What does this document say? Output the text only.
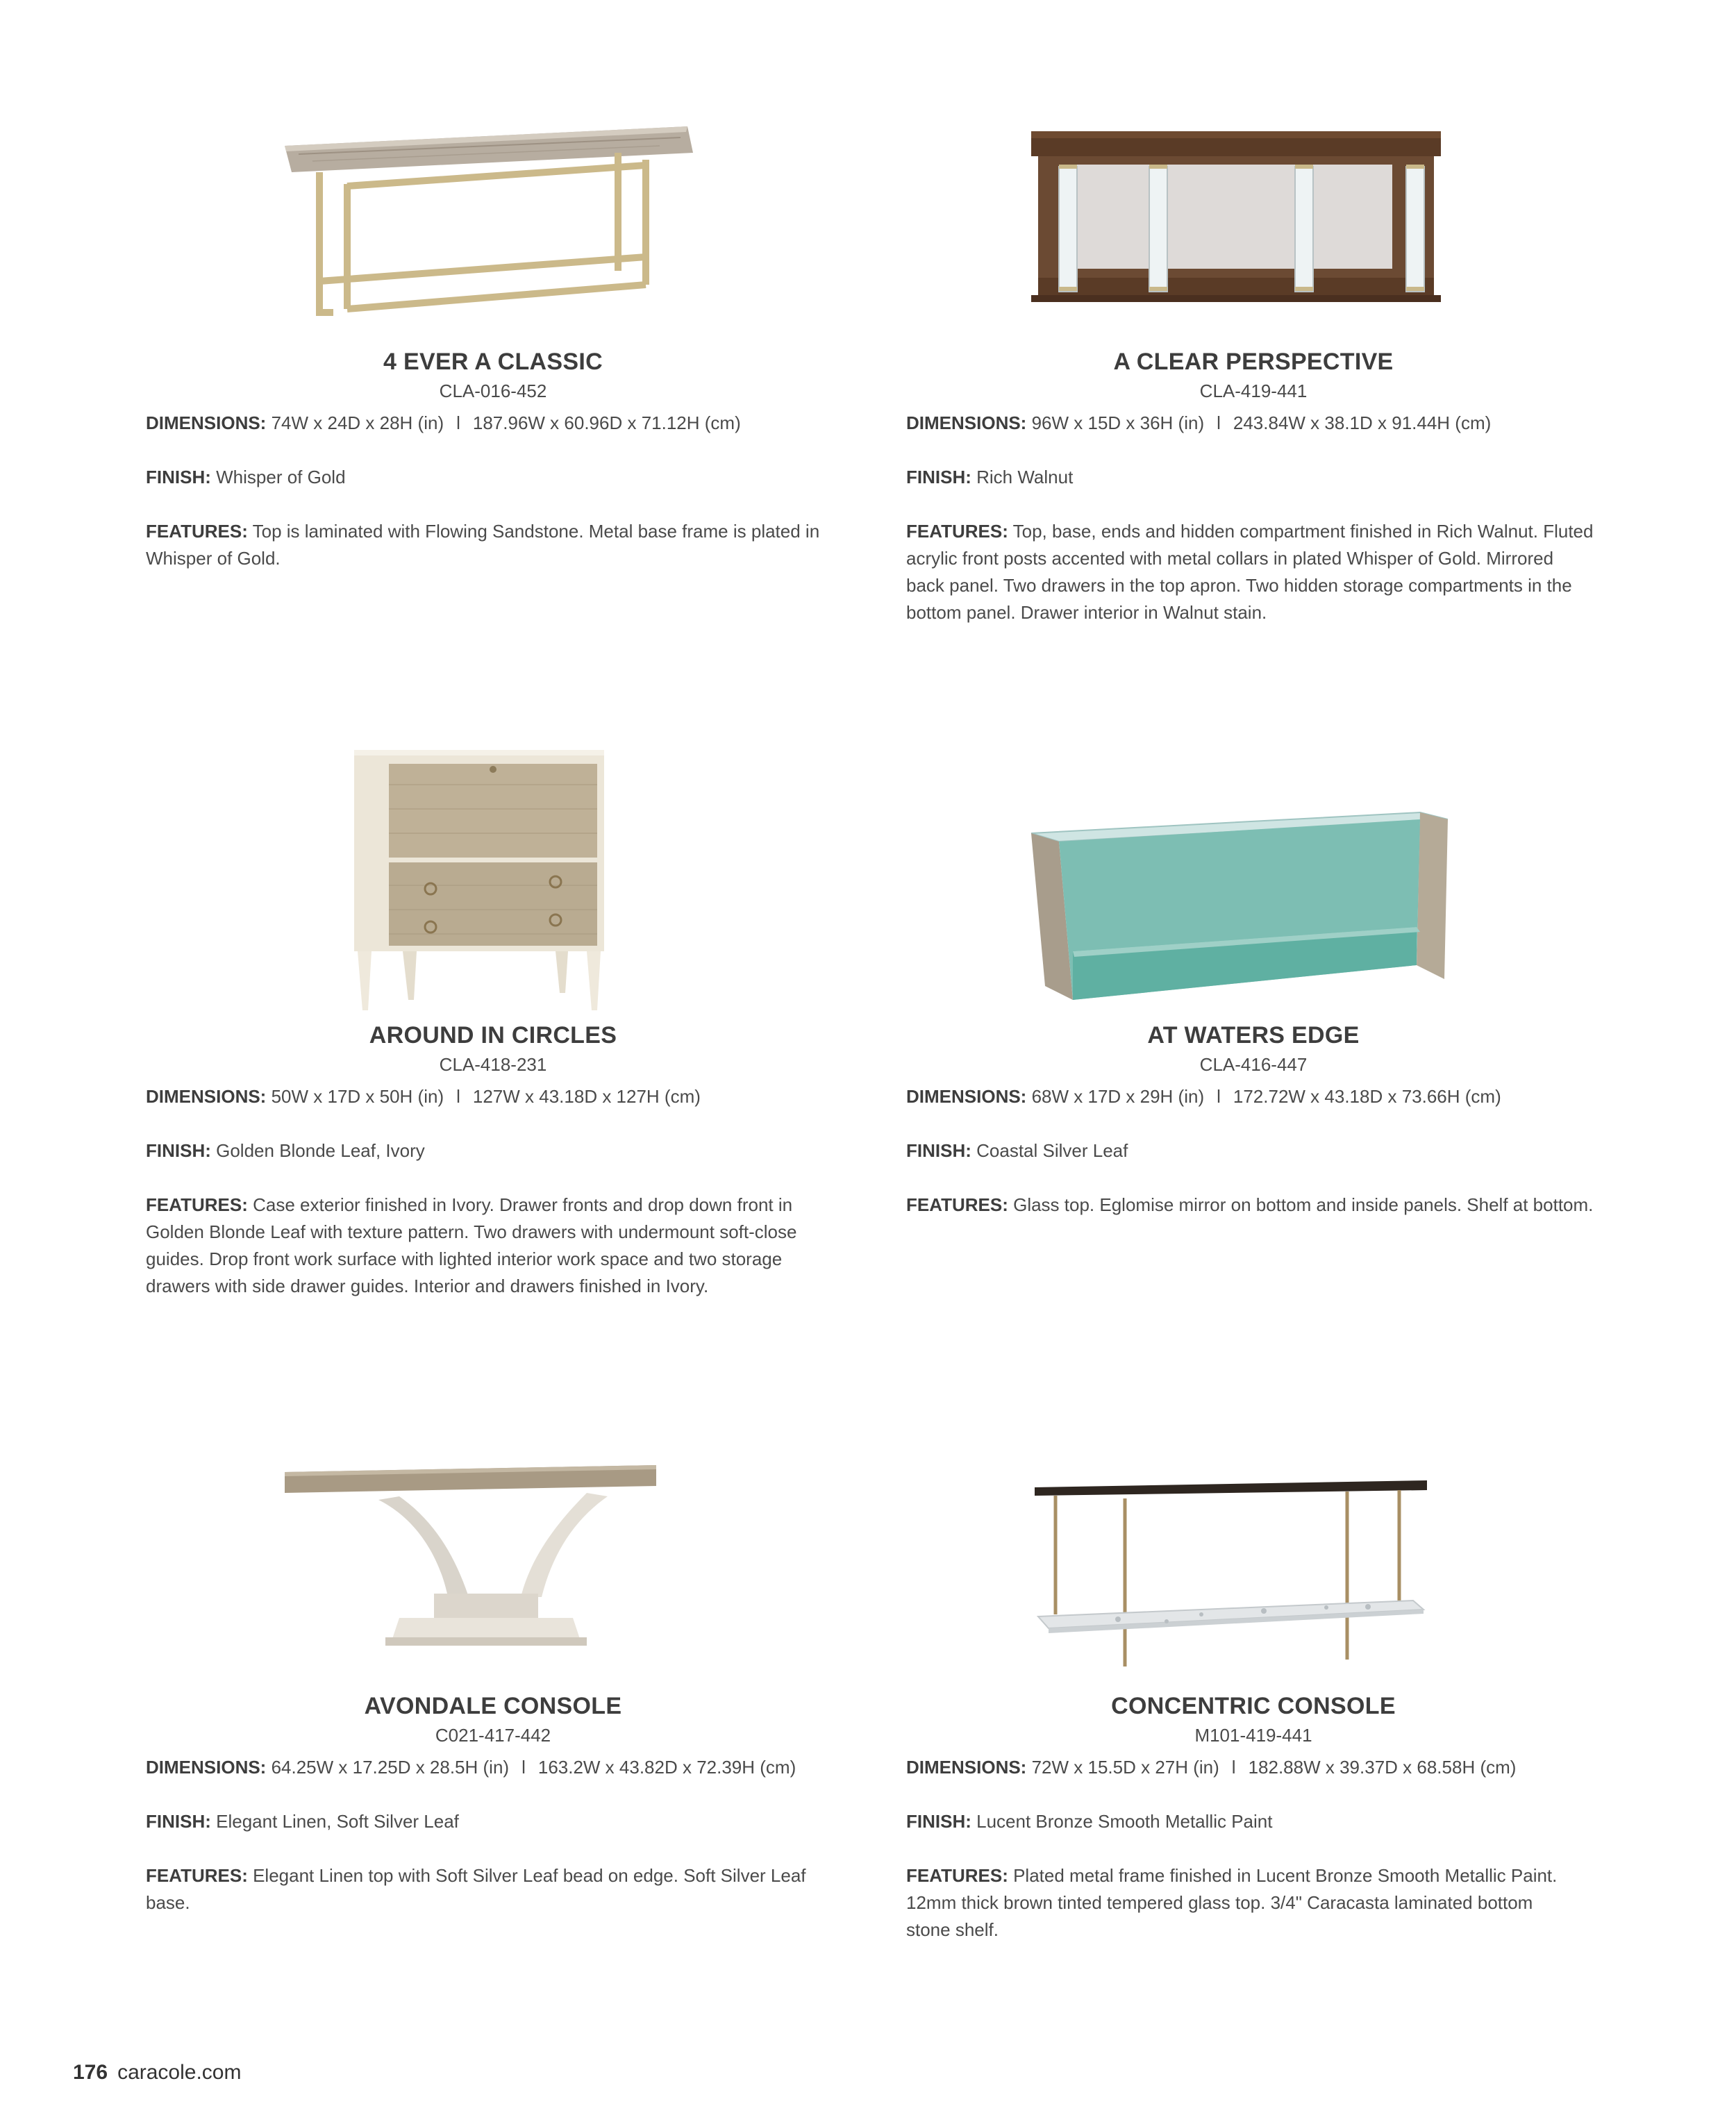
4 EVER A CLASSIC
CLA-016-452
DIMENSIONS: 74W x 24D x 28H (in) l 187.96W x 60.96D x 71.12H (cm)
FINISH: Whisper of Gold
FEATURES: Top is laminated with Flowing Sandstone. Metal base frame is plated in Whisper of Gold.
A CLEAR PERSPECTIVE
CLA-419-441
DIMENSIONS: 96W x 15D x 36H (in) l 243.84W x 38.1D x 91.44H (cm)
FINISH: Rich Walnut
FEATURES: Top, base, ends and hidden compartment finished in Rich Walnut. Fluted acrylic front posts accented with metal collars in plated Whisper of Gold. Mirrored back panel. Two drawers in the top apron. Two hidden storage compartments in the bottom panel. Drawer interior in Walnut stain.
AROUND IN CIRCLES
CLA-418-231
DIMENSIONS: 50W x 17D x 50H (in) l 127W x 43.18D x 127H (cm)
FINISH: Golden Blonde Leaf, Ivory
FEATURES: Case exterior finished in Ivory. Drawer fronts and drop down front in Golden Blonde Leaf with texture pattern. Two drawers with undermount soft-close guides. Drop front work surface with lighted interior work space and two storage drawers with side drawer guides. Interior and drawers finished in Ivory.
AT WATERS EDGE
CLA-416-447
DIMENSIONS: 68W x 17D x 29H (in) l 172.72W x 43.18D x 73.66H (cm)
FINISH: Coastal Silver Leaf
FEATURES: Glass top. Eglomise mirror on bottom and inside panels. Shelf at bottom.
AVONDALE CONSOLE
C021-417-442
DIMENSIONS: 64.25W x 17.25D x 28.5H (in) l 163.2W x 43.82D x 72.39H (cm)
FINISH: Elegant Linen, Soft Silver Leaf
FEATURES: Elegant Linen top with Soft Silver Leaf bead on edge. Soft Silver Leaf base.
CONCENTRIC CONSOLE
M101-419-441
DIMENSIONS: 72W x 15.5D x 27H (in) l 182.88W x 39.37D x 68.58H (cm)
FINISH: Lucent Bronze Smooth Metallic Paint
FEATURES: Plated metal frame finished in Lucent Bronze Smooth Metallic Paint. 12mm thick brown tinted tempered glass top. 3/4" Caracasta laminated bottom stone shelf.
176 caracole.com
